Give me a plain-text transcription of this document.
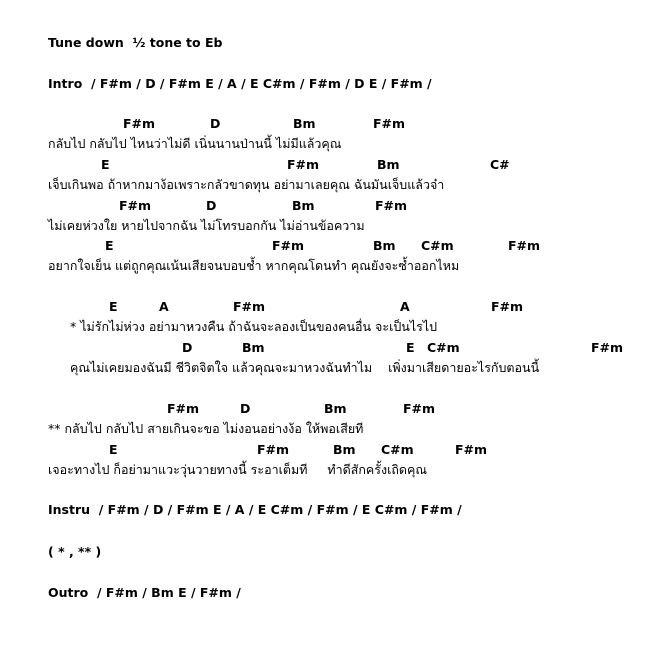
Tune down  ½ tone to Eb
Intro  / F#m / D / F#m E / A / E C#m / F#m / D E / F#m /
F#m	D	Bm	F#m
กลับไป กลับไป ไหนว่าไม่ดี เนิ่นนานป่านนี้ ไม่มีแล้วคุณ
E	F#m	Bm	C#
เจ็บเกินพอ ถ้าหากมาง้อเพราะกลัวขาดทุน อย่ามาเลยคุณ ฉันมันเจ็บแล้วจ๋า
F#m	D	Bm	F#m
ไม่เคยห่วงใย หายไปจากฉัน ไม่โทรบอกกัน ไม่อ่านข้อความ
E	F#m	Bm C#m	F#m
อยากใจเย็น แต่ถูกคุณเน้นเสียจนบอบช้ำ หากคุณโดนทำ คุณยังจะซ้ำออกไหม
E	A	F#m	A	F#m
* ไม่รักไม่ห่วง อย่ามาหวงคืน ถ้าฉันจะลองเป็นของคนอื่น จะเป็นไรไป
D	Bm	E C#m	F#m
คุณไม่เคยมองฉันมี ชีวิตจิตใจ แล้วคุณจะมาหวงฉันทำไม    เพิ่งมาเสียดายอะไรกับตอนนี้
F#m	D	Bm	F#m
** กลับไป กลับไป สายเกินจะขอ ไม่งอนอย่างง้อ ให้พอเสียที
E	F#m	Bm C#m	F#m
เจอะทางไป ก็อย่ามาแวะวุ่นวายทางนี้ ระอาเต็มที     ทำดีสักครั้งเถิดคุณ
Instru  / F#m / D / F#m E / A / E C#m / F#m / E C#m / F#m /
( * , ** )
Outro  / F#m / Bm E / F#m /
